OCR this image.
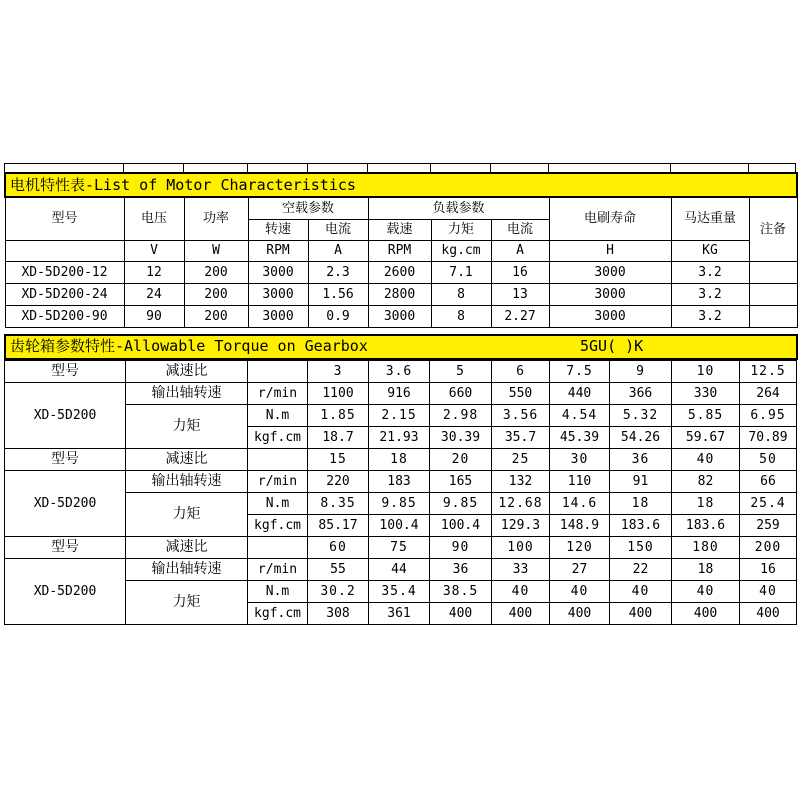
电机特性表-List of Motor Characteristics										
型号	电压	功率	空载参数		负载参数			电刷寿命	马达重量	注备
			转速	电流	载速	力矩	电流			
	V	W	RPM	A	RPM	kg.cm	A	H	KG	
XD-5D200-12	12	200	3000	2.3	2600	7.1	16	3000	3.2	
XD-5D200-24	24	200	3000	1.56	2800	8	13	3000	3.2	
XD-5D200-90	90	200	3000	0.9	3000	8	2.27	3000	3.2	
齿轮箱参数特性-Allowable Torque on Gearbox	5GU( )K
型号	减速比		3	3.6	5	6	7.5	9	10	12.5
XD-5D200	输出轴转速	r/min	1100	916	660	550	440	366	330	264
	力矩	N.m	1.85	2.15	2.98	3.56	4.54	5.32	5.85	6.95
		kgf.cm	18.7	21.93	30.39	35.7	45.39	54.26	59.67	70.89
型号	减速比		15	18	20	25	30	36	40	50
XD-5D200	输出轴转速	r/min	220	183	165	132	110	91	82	66
	力矩	N.m	8.35	9.85	9.85	12.68	14.6	18	18	25.4
		kgf.cm	85.17	100.4	100.4	129.3	148.9	183.6	183.6	259
型号	减速比		60	75	90	100	120	150	180	200
XD-5D200	输出轴转速	r/min	55	44	36	33	27	22	18	16
	力矩	N.m	30.2	35.4	38.5	40	40	40	40	40
		kgf.cm	308	361	400	400	400	400	400	400
